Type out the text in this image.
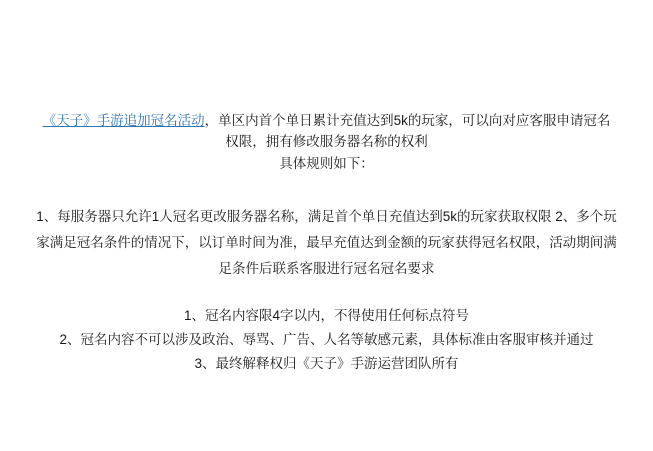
《天子》手游追加冠名活动，单区内首个单日累计充值达到5k的玩家，可以向对应客服申请冠名
权限，拥有修改服务器名称的权利

具体规则如下：

1、每服务器只允许1人冠名更改服务器名称，满足首个单日充值达到5k的玩家获取权限 2、多个玩家满足冠名条件的情况下，以订单时间为准，最早充值达到金额的玩家获得冠名权限，活动期间满足条件后联系客服进行冠名冠名要求
1、冠名内容限4字以内，不得使用任何标点符号
2、冠名内容不可以涉及政治、辱骂、广告、人名等敏感元素，具体标准由客服审核并通过
3、最终解释权归《天子》手游运营团队所有
